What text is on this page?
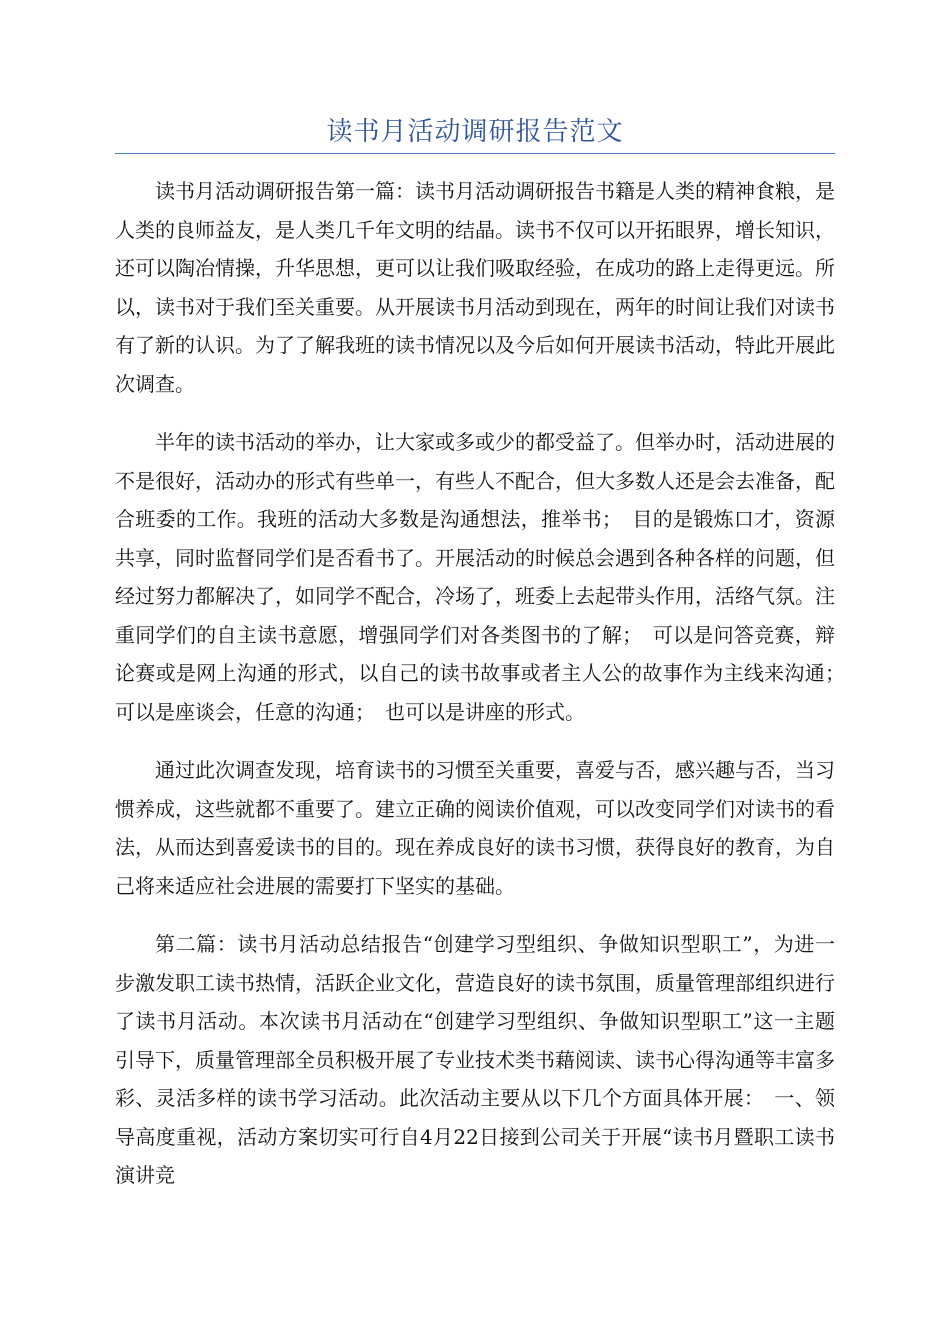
读书月活动调研报告范文

读书月活动调研报告第一篇：读书月活动调研报告书籍是人类的精神食粮，是人类的良师益友，是人类几千年文明的结晶。读书不仅可以开拓眼界，增长知识，还可以陶冶情操，升华思想，更可以让我们吸取经验，在成功的路上走得更远。所以，读书对于我们至关重要。从开展读书月活动到现在，两年的时间让我们对读书有了新的认识。为了了解我班的读书情况以及今后如何开展读书活动，特此开展此次调查。

半年的读书活动的举办，让大家或多或少的都受益了。但举办时，活动进展的不是很好，活动办的形式有些单一，有些人不配合，但大多数人还是会去准备，配合班委的工作。我班的活动大多数是沟通想法，推举书；　目的是锻炼口才，资源共享，同时监督同学们是否看书了。开展活动的时候总会遇到各种各样的问题，但经过努力都解决了，如同学不配合，冷场了，班委上去起带头作用，活络气氛。注重同学们的自主读书意愿，增强同学们对各类图书的了解；　可以是问答竞赛，辩论赛或是网上沟通的形式，以自己的读书故事或者主人公的故事作为主线来沟通；　可以是座谈会，任意的沟通；　也可以是讲座的形式。

通过此次调查发现，培育读书的习惯至关重要，喜爱与否，感兴趣与否，当习惯养成，这些就都不重要了。建立正确的阅读价值观，可以改变同学们对读书的看法，从而达到喜爱读书的目的。现在养成良好的读书习惯，获得良好的教育，为自己将来适应社会进展的需要打下坚实的基础。

第二篇：读书月活动总结报告“创建学习型组织、争做知识型职工”，为进一步激发职工读书热情，活跃企业文化，营造良好的读书氛围，质量管理部组织进行了读书月活动。本次读书月活动在“创建学习型组织、争做知识型职工”这一主题引导下，质量管理部全员积极开展了专业技术类书藉阅读、读书心得沟通等丰富多彩、灵活多样的读书学习活动。此次活动主要从以下几个方面具体开展：　一、领导高度重视，活动方案切实可行自4月22日接到公司关于开展“读书月暨职工读书演讲竞
